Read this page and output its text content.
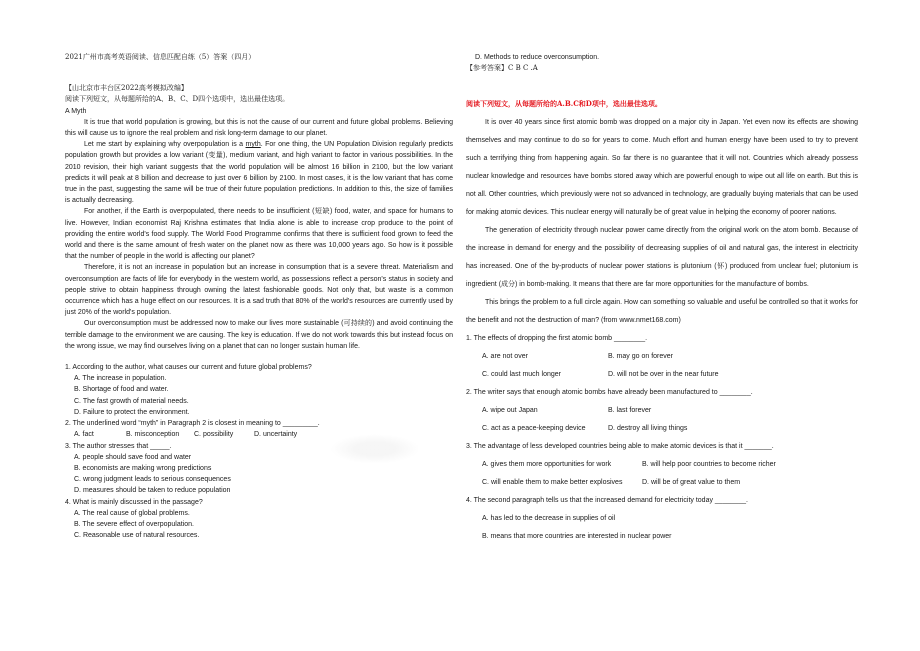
2021广州市高考英语阅读、信息匹配自练（5）答案（四月）
【山北京市丰台区2022高考模拟改编】
阅读下列短文，从每题所给的A、B、C、D四个选项中，选出最佳选项。
A Myth
It is true that world population is growing, but this is not the cause of our current and future global problems. Believing this will cause us to ignore the real problem and risk long-term damage to our planet.
Let me start by explaining why overpopulation is a myth. For one thing, the UN Population Division regularly predicts population growth but provides a low variant (变量), medium variant, and high variant to factor in various possibilities. In the 2010 revision, their high variant suggests that the world population will be almost 16 billion in 2100, but the low variant predicts it will peak at 8 billion and decrease to just over 6 billion by 2100. In most cases, it is the low variant that has come true in the past, suggesting the same will be true of their future population predictions. In addition to this, the size of families is actually decreasing.
For another, if the Earth is overpopulated, there needs to be insufficient (短缺) food, water, and space for humans to live. However, Indian economist Raj Krishna estimates that India alone is able to increase crop produce to the point of providing the entire world's food supply. The World Food Programme confirms that there is sufficient food grown to feed the world and there is the same amount of fresh water on the planet now as there was 10,000 years ago. So how is it possible that the number of people in the world is affecting our planet?
Therefore, it is not an increase in population but an increase in consumption that is a severe threat. Materialism and overconsumption are facts of life for everybody in the western world, as possessions reflect a person's status in society and people strive to obtain happiness through owning the latest fashionable goods. Not only that, but waste is a common occurrence which has a huge effect on our resources. It is a sad truth that 80% of the world's resources are currently used by just 20% of the world's population.
Our overconsumption must be addressed now to make our lives more sustainable (可持续的) and avoid continuing the terrible damage to the environment we are causing. The key is education. If we do not work towards this but instead focus on the wrong issue, we may find ourselves living on a planet that can no longer sustain human life.
1. According to the author, what causes our current and future global problems?
A. The increase in population.
B. Shortage of food and water.
C. The fast growth of material needs.
D. Failure to protect the environment.
2. The underlined word “myth” in Paragraph 2 is closest in meaning to _________.
A. fact	B. misconception C. possibility	D. uncertainty
3. The author stresses that _____.
A. people should save food and water
B. economists are making wrong predictions
C. wrong judgment leads to serious consequences
D. measures should be taken to reduce population
4. What is mainly discussed in the passage?
A. The real cause of global problems.
B. The severe effect of overpopulation.
C. Reasonable use of natural resources.
D. Methods to reduce overconsumption.
【参考答案】C B C .A
阅读下列短文，从每题所给的A.B.C和D项中，选出最佳选项。
It is over 40 years since first atomic bomb was dropped on a major city in Japan. Yet even now its effects are showing themselves and may continue to do so for years to come. Much effort and human energy have been used to try to prevent such a terrifying thing from happening again. So far there is no guarantee that it will not. Countries which already possess nuclear knowledge and resources have bombs stored away which are powerful enough to wipe out all life on earth. But this is not all. Other countries, which previously were not so advanced in technology, are gradually buying materials that can be used for making atomic devices. This nuclear energy will naturally be of great value in helping the economy of poorer nations.
The generation of electricity through nuclear power came directly from the original work on the atom bomb. Because of the increase in demand for energy and the possibility of decreasing supplies of oil and natural gas, the interest in electricity has increased. One of the by-products of nuclear power stations is plutonium (钚) produced from unclear fuel; plutonium is ingredient (成分) in bomb-making. It means that there are far more opportunities for the manufacture of bombs.
This brings the problem to a full circle again. How can something so valuable and useful be controlled so that it works for the benefit and not the destruction of man? (from www.nmet168.com)
1. The effects of dropping the first atomic bomb ________.
A. are not over	B. may go on forever
C. could last much longer	D. will not be over in the near future
2. The writer says that enough atomic bombs have already been manufactured to ________.
A. wipe out Japan	B. last forever
C. act as a peace-keeping device	D. destroy all living things
3. The advantage of less developed countries being able to make atomic devices is that it _______.
A. gives them more opportunities for work	B. will help poor countries to become richer
C. will enable them to make better explosives	D. will be of great value to them
4. The second paragraph tells us that the increased demand for electricity today ________.
A. has led to the decrease in supplies of oil
B. means that more countries are interested in nuclear power
